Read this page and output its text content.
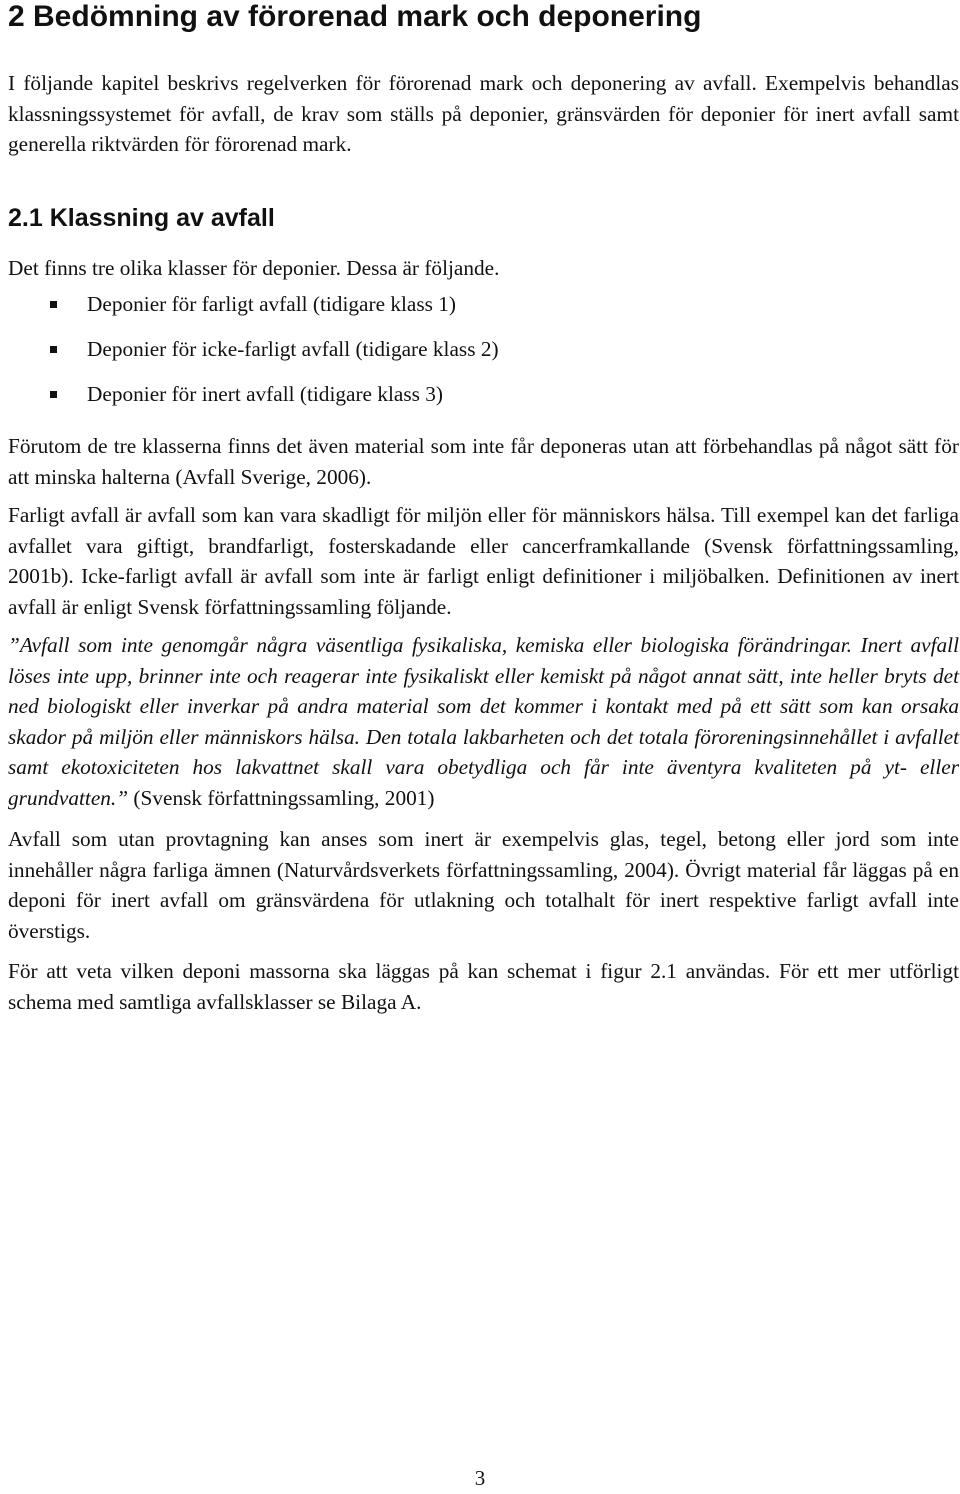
2 Bedömning av förorenad mark och deponering

I följande kapitel beskrivs regelverken för förorenad mark och deponering av avfall. Exempelvis behandlas klassningssystemet för avfall, de krav som ställs på deponier, gränsvärden för deponier för inert avfall samt generella riktvärden för förorenad mark.

2.1 Klassning av avfall

Det finns tre olika klasser för deponier. Dessa är följande.

Deponier för farligt avfall (tidigare klass 1)
Deponier för icke-farligt avfall (tidigare klass 2)
Deponier för inert avfall (tidigare klass 3)

Förutom de tre klasserna finns det även material som inte får deponeras utan att förbehandlas på något sätt för att minska halterna (Avfall Sverige, 2006).

Farligt avfall är avfall som kan vara skadligt för miljön eller för människors hälsa. Till exempel kan det farliga avfallet vara giftigt, brandfarligt, fosterskadande eller cancerframkallande (Svensk författningssamling, 2001b). Icke-farligt avfall är avfall som inte är farligt enligt definitioner i miljöbalken. Definitionen av inert avfall är enligt Svensk författningssamling följande.

”Avfall som inte genomgår några väsentliga fysikaliska, kemiska eller biologiska förändringar. Inert avfall löses inte upp, brinner inte och reagerar inte fysikaliskt eller kemiskt på något annat sätt, inte heller bryts det ned biologiskt eller inverkar på andra material som det kommer i kontakt med på ett sätt som kan orsaka skador på miljön eller människors hälsa. Den totala lakbarheten och det totala föroreningsinnehållet i avfallet samt ekotoxiciteten hos lakvattnet skall vara obetydliga och får inte äventyra kvaliteten på yt- eller grundvatten.” (Svensk författningssamling, 2001)

Avfall som utan provtagning kan anses som inert är exempelvis glas, tegel, betong eller jord som inte innehåller några farliga ämnen (Naturvårdsverkets författningssamling, 2004). Övrigt material får läggas på en deponi för inert avfall om gränsvärdena för utlakning och totalhalt för inert respektive farligt avfall inte överstigs.

För att veta vilken deponi massorna ska läggas på kan schemat i figur 2.1 användas. För ett mer utförligt schema med samtliga avfallsklasser se Bilaga A.

3
